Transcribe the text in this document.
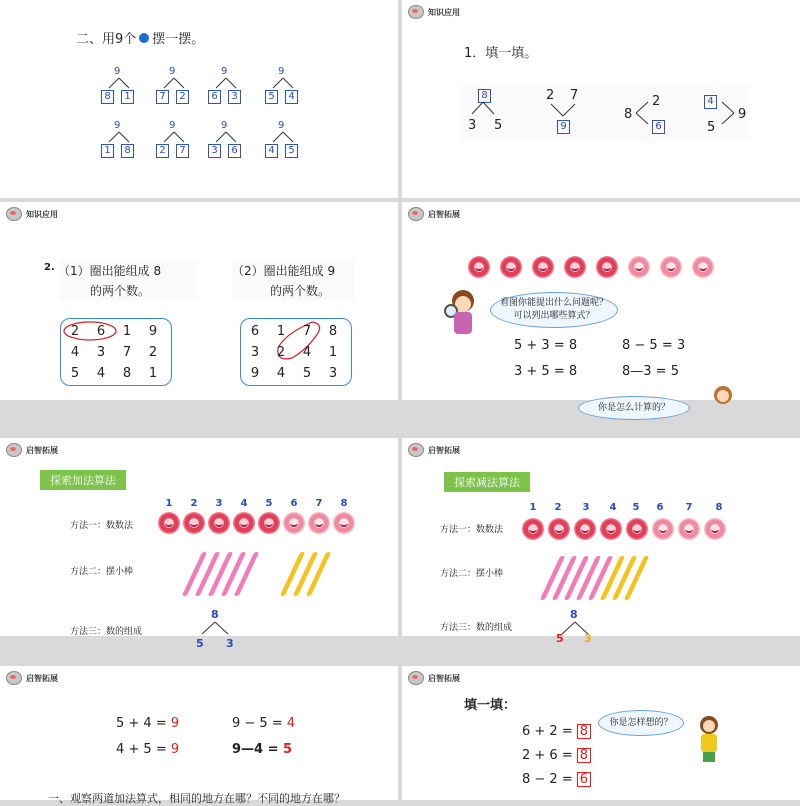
二、用9个 摆一摆。
9
8	1
9
7	2
9
6	3
9
5	4
9
1	8
9
2	7
9
3	6
9
4	5
知识应用
1．填一填。
8
3 5
2 7
9
8
2
6
4
5
9
知识应用
2. （1）圈出能组成 8
的两个数。
（2）圈出能组成 9
的两个数。
2	6	1	9
4	3	7	2
5	4	8	1
6	1	7	8
3	2	4	1
9	4	5	3
启智拓展
看图你能提出什么问题呢？
可以列出哪些算式？
5 + 3 = 8	8 − 5 = 3
3 + 5 = 8	8—3 = 5
你是怎么计算的？
启智拓展
探索加法算法
方法一：数数法
方法二：摆小棒
方法三：数的组成
8
1	2	3	4	5	6	7	8
5 3
启智拓展
探索减法算法
方法一：数数法
方法二：摆小棒
方法三：数的组成
8
1	2	3	4	5	6	7	8
5 3
启智拓展
5 + 4 = 9	9 − 5 = 4
4 + 5 = 9	9—4 = 5
一、观察两道加法算式，相同的地方在哪？不同的地方在哪？
启智拓展
填一填：
你是怎样想的？
6 + 2 = 8
2 + 6 = 8
8 − 2 = 6
